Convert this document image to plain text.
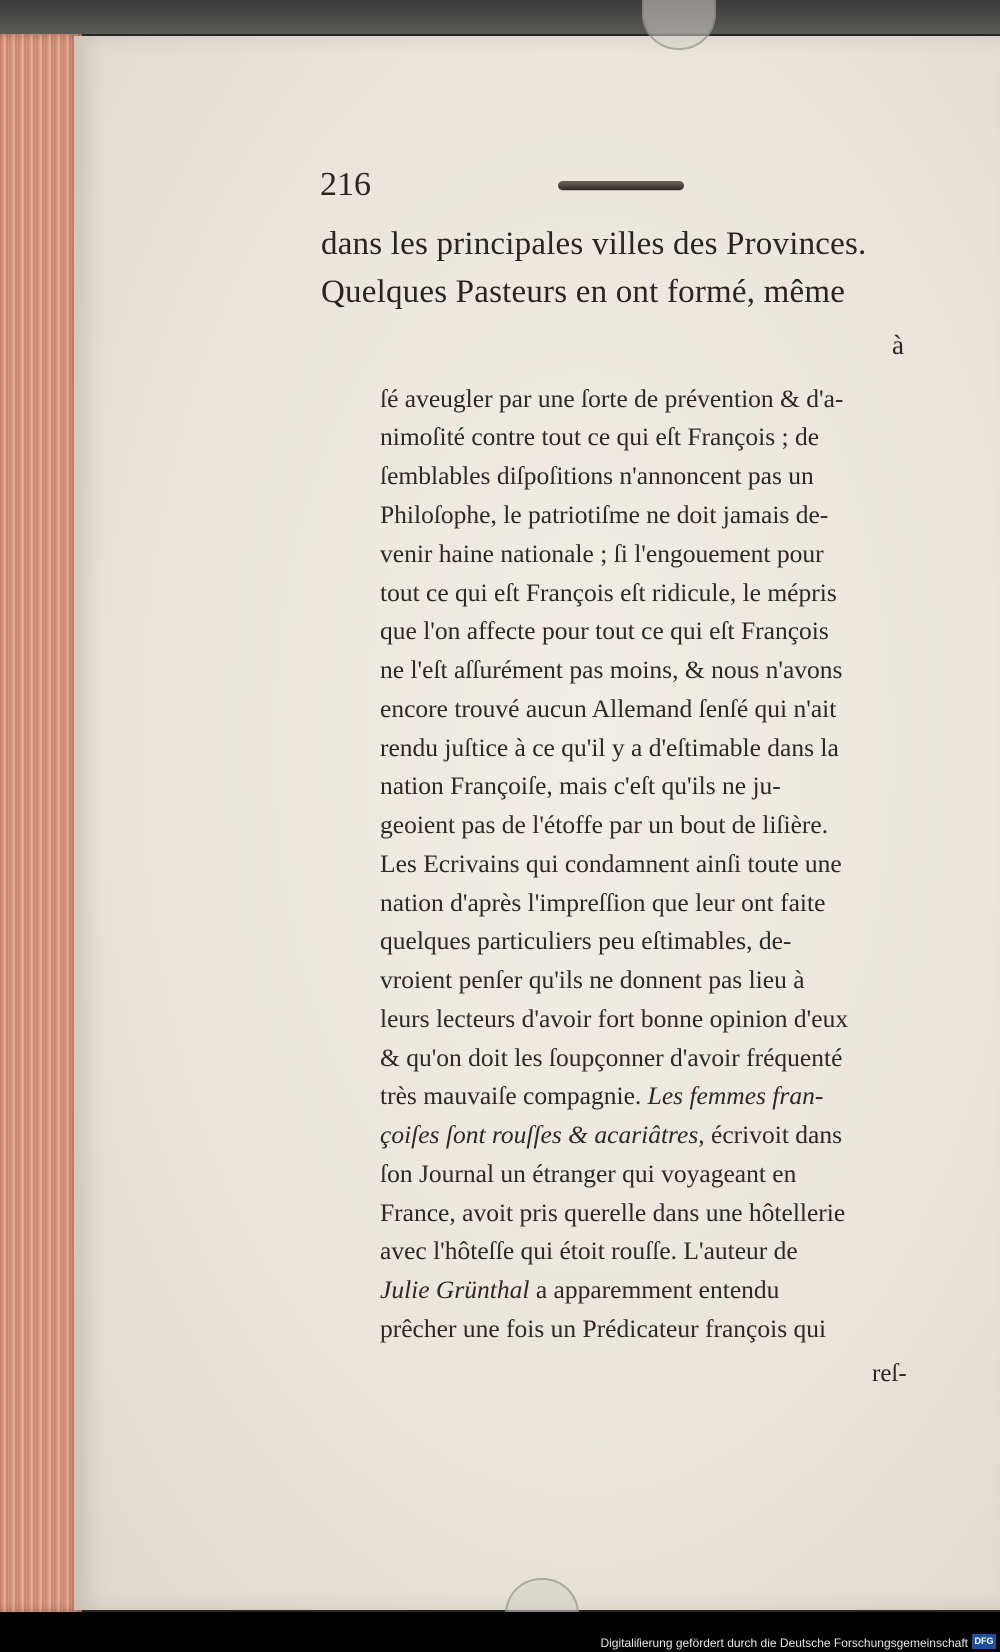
216
dans les principales villes des Provinces.
Quelques Pasteurs en ont formé, même
à
ſé aveugler par une ſorte de prévention & d'a-
nimoſité contre tout ce qui eſt François ; de
ſemblables diſpoſitions n'annoncent pas un
Philoſophe, le patriotiſme ne doit jamais de-
venir haine nationale ; ſi l'engouement pour
tout ce qui eſt François eſt ridicule, le mépris
que l'on affecte pour tout ce qui eſt François
ne l'eſt aſſurément pas moins, & nous n'avons
encore trouvé aucun Allemand ſenſé qui n'ait
rendu juſtice à ce qu'il y a d'eſtimable dans la
nation Françoiſe, mais c'eſt qu'ils ne ju-
geoient pas de l'étoffe par un bout de liſière.
Les Ecrivains qui condamnent ainſi toute une
nation d'après l'impreſſion que leur ont faite
quelques particuliers peu eſtimables, de-
vroient penſer qu'ils ne donnent pas lieu à
leurs lecteurs d'avoir fort bonne opinion d'eux
& qu'on doit les ſoupçonner d'avoir fréquenté
très mauvaiſe compagnie. Les femmes fran-
çoiſes ſont rouſſes & acariâtres, écrivoit dans
ſon Journal un étranger qui voyageant en
France, avoit pris querelle dans une hôtellerie
avec l'hôteſſe qui étoit rouſſe. L'auteur de
Julie Grünthal a apparemment entendu
prêcher une fois un Prédicateur françois qui
reſ-
Digitaliſierung gefördert durch die Deutsche Forschungsgemeinschaft DFG
